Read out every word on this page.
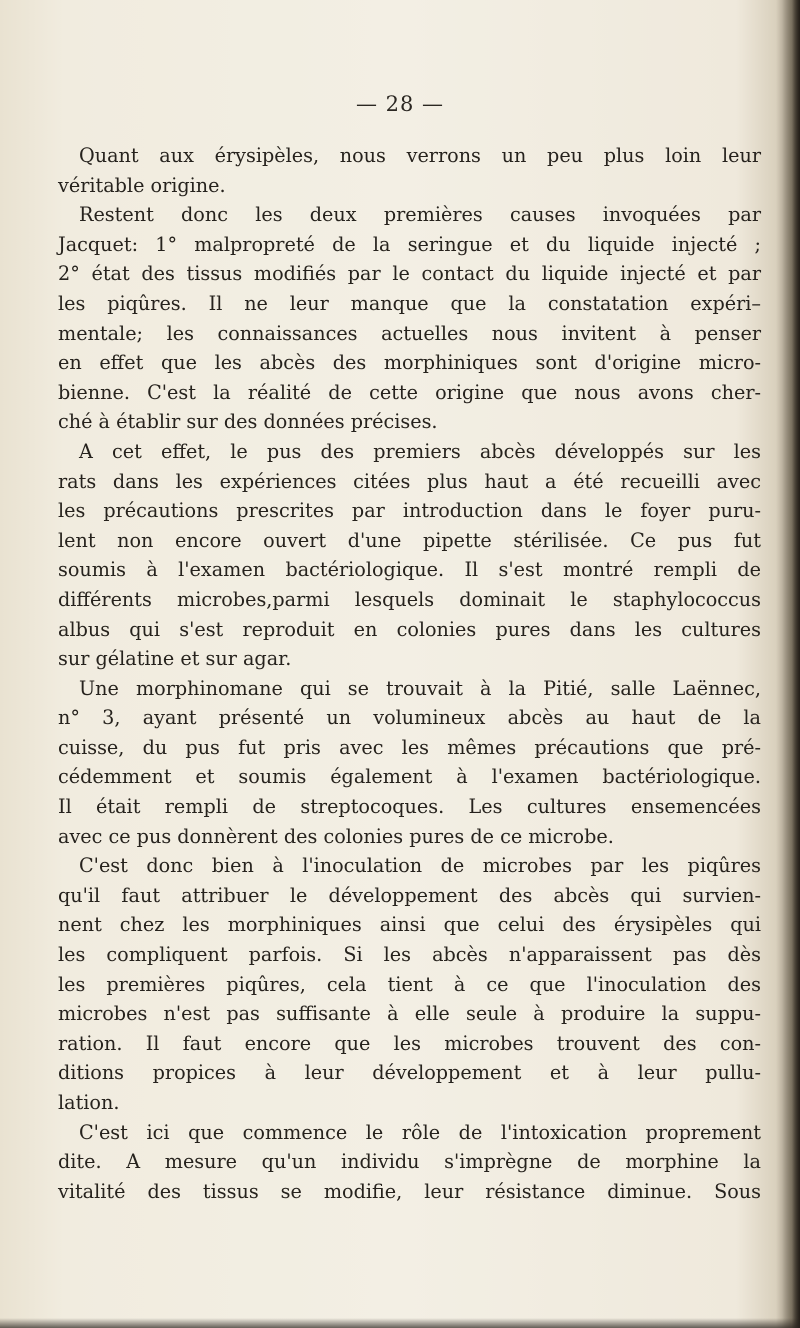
— 28 —
Quant aux érysipèles, nous verrons un peu plus loin leur
véritable origine.
Restent donc les deux premières causes invoquées par
Jacquet: 1° malpropreté de la seringue et du liquide injecté ;
2° état des tissus modifiés par le contact du liquide injecté et par
les piqûres. Il ne leur manque que la constatation expéri–
mentale; les connaissances actuelles nous invitent à penser
en effet que les abcès des morphiniques sont d'origine micro-
bienne. C'est la réalité de cette origine que nous avons cher-
ché à établir sur des données précises.
A cet effet, le pus des premiers abcès développés sur les
rats dans les expériences citées plus haut a été recueilli avec
les précautions prescrites par introduction dans le foyer puru-
lent non encore ouvert d'une pipette stérilisée. Ce pus fut
soumis à l'examen bactériologique. Il s'est montré rempli de
différents microbes,parmi lesquels dominait le staphylococcus
albus qui s'est reproduit en colonies pures dans les cultures
sur gélatine et sur agar.
Une morphinomane qui se trouvait à la Pitié, salle Laënnec,
n° 3, ayant présenté un volumineux abcès au haut de la
cuisse, du pus fut pris avec les mêmes précautions que pré-
cédemment et soumis également à l'examen bactériologique.
Il était rempli de streptocoques. Les cultures ensemencées
avec ce pus donnèrent des colonies pures de ce microbe.
C'est donc bien à l'inoculation de microbes par les piqûres
qu'il faut attribuer le développement des abcès qui survien-
nent chez les morphiniques ainsi que celui des érysipèles qui
les compliquent parfois. Si les abcès n'apparaissent pas dès
les premières piqûres, cela tient à ce que l'inoculation des
microbes n'est pas suffisante à elle seule à produire la suppu-
ration. Il faut encore que les microbes trouvent des con-
ditions propices à leur développement et à leur pullu-
lation.
C'est ici que commence le rôle de l'intoxication proprement
dite. A mesure qu'un individu s'imprègne de morphine la
vitalité des tissus se modifie, leur résistance diminue. Sous
